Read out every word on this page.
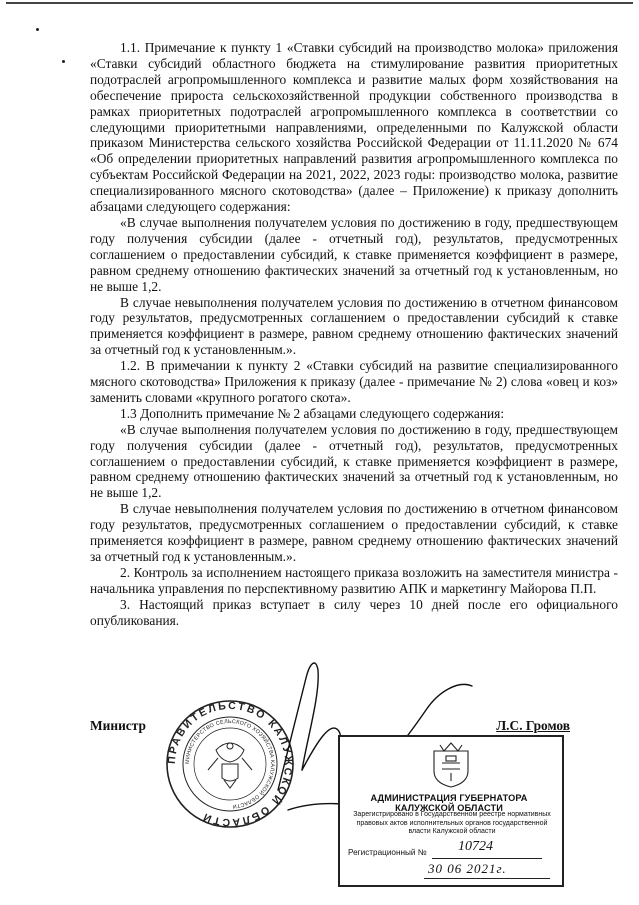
1.1. Примечание к пункту 1 «Ставки субсидий на производство молока» приложения «Ставки субсидий областного бюджета на стимулирование развития приоритетных подотраслей агропромышленного комплекса и развитие малых форм хозяйствования на обеспечение прироста сельскохозяйственной продукции собственного производства в рамках приоритетных подотраслей агропромышленного комплекса в соответствии со следующими приоритетными направлениями, определенными по Калужской области приказом Министерства сельского хозяйства Российской Федерации от 11.11.2020 № 674 «Об определении приоритетных направлений развития агропромышленного комплекса по субъектам Российской Федерации на 2021, 2022, 2023 годы: производство молока, развитие специализированного мясного скотоводства» (далее – Приложение) к приказу дополнить абзацами следующего содержания:

«В случае выполнения получателем условия по достижению в году, предшествующем году получения субсидии (далее - отчетный год), результатов, предусмотренных соглашением о предоставлении субсидий, к ставке применяется коэффициент в размере, равном среднему отношению фактических значений за отчетный год к установленным, но не выше 1,2.

В случае невыполнения получателем условия по достижению в отчетном финансовом году результатов, предусмотренных соглашением о предоставлении субсидий к ставке применяется коэффициент в размере, равном среднему отношению фактических значений за отчетный год к установленным.».

1.2. В примечании к пункту 2 «Ставки субсидий на развитие специализированного мясного скотоводства» Приложения к приказу (далее - примечание № 2) слова «овец и коз» заменить словами «крупного рогатого скота».

1.3 Дополнить примечание № 2 абзацами следующего содержания:

«В случае выполнения получателем условия по достижению в году, предшествующем году получения субсидии (далее - отчетный год), результатов, предусмотренных соглашением о предоставлении субсидий, к ставке применяется коэффициент в размере, равном среднему отношению фактических значений за отчетный год к установленным, но не выше 1,2.

В случае невыполнения получателем условия по достижению в отчетном финансовом году результатов, предусмотренных соглашением о предоставлении субсидий, к ставке применяется коэффициент в размере, равном среднему отношению фактических значений за отчетный год к установленным.».

2. Контроль за исполнением настоящего приказа возложить на заместителя министра - начальника управления по перспективному развитию АПК и маркетингу Майорова П.П.

3. Настоящий приказ вступает в силу через 10 дней после его официального опубликования.

ПРАВИТЕЛЬСТВО КАЛУЖСКОЙ ОБЛАСТИ
МИНИСТЕРСТВО СЕЛЬСКОГО ХОЗЯЙСТВА КАЛУЖСКОЙ ОБЛАСТИ
Министр	Л.С. Громов
АДМИНИСТРАЦИЯ ГУБЕРНАТОРА КАЛУЖСКОЙ ОБЛАСТИ
Зарегистрировано в Государственном реестре нормативных правовых актов исполнительных органов государственной власти Калужской области
Регистрационный № 10724
30 06 2021г.
